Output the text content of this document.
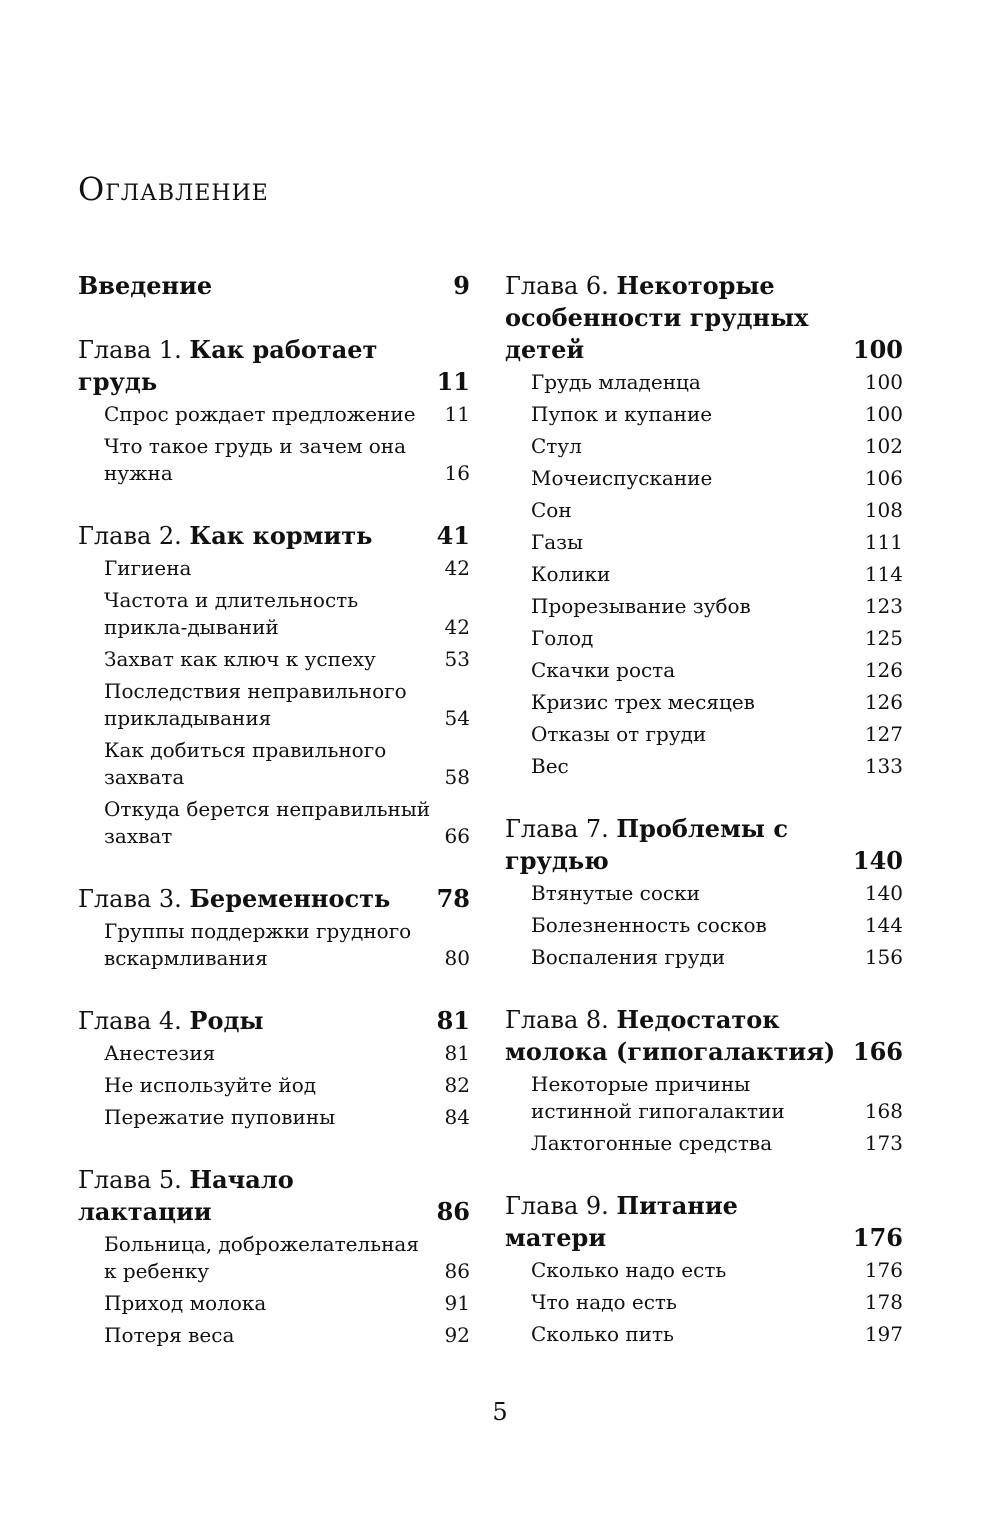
Оглавление
Введение	9
Глава 1. Как работает грудь	11
Спрос рождает предложение	11
Что такое грудь и зачем она нужна	16
Глава 2. Как кормить	41
Гигиена	42
Частота и длительность прикла-дываний	42
Захват как ключ к успеху	53
Последствия неправильного прикладывания	54
Как добиться правильного захвата	58
Откуда берется неправильный захват	66
Глава 3. Беременность	78
Группы поддержки грудного вскармливания	80
Глава 4. Роды	81
Анестезия	81
Не используйте йод	82
Пережатие пуповины	84
Глава 5. Начало лактации	86
Больница, доброжелательная к ребенку	86
Приход молока	91
Потеря веса	92
Глава 6. Некоторые особенности грудных детей	100
Грудь младенца	100
Пупок и купание	100
Стул	102
Мочеиспускание	106
Сон	108
Газы	111
Колики	114
Прорезывание зубов	123
Голод	125
Скачки роста	126
Кризис трех месяцев	126
Отказы от груди	127
Вес	133
Глава 7. Проблемы с грудью	140
Втянутые соски	140
Болезненность сосков	144
Воспаления груди	156
Глава 8. Недостаток молока (гипогалактия) 166
Некоторые причины истинной гипогалактии	168
Лактогонные средства	173
Глава 9. Питание матери	176
Сколько надо есть	176
Что надо есть	178
Сколько пить	197
5
